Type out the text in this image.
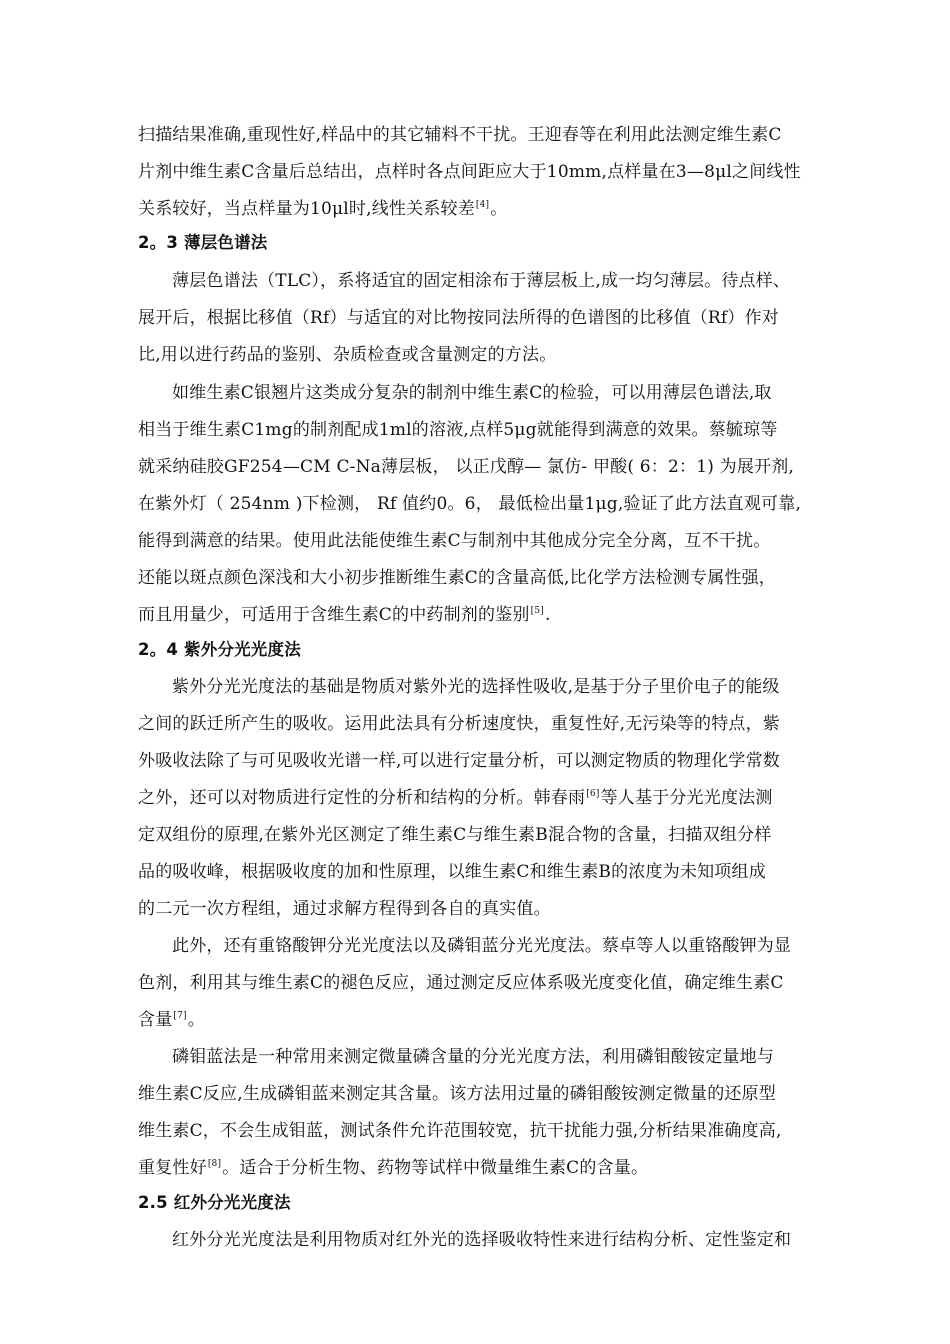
扫描结果准确,重现性好,样品中的其它辅料不干扰。王迎春等在利用此法测定维生素C
片剂中维生素C含量后总结出，点样时各点间距应大于10mm,点样量在3—8μl之间线性
关系较好，当点样量为10μl时,线性关系较差[4]。
2。3 薄层色谱法
薄层色谱法（TLC），系将适宜的固定相涂布于薄层板上,成一均匀薄层。待点样、
展开后，根据比移值（Rf）与适宜的对比物按同法所得的色谱图的比移值（Rf）作对
比,用以进行药品的鉴别、杂质检查或含量测定的方法。
如维生素C银翘片这类成分复杂的制剂中维生素C的检验，可以用薄层色谱法,取
相当于维生素C1mg的制剂配成1ml的溶液,点样5μg就能得到满意的效果。蔡毓琼等
就采纳硅胶GF254—CM C-Na薄层板， 以正戊醇— 氯仿- 甲酸( 6：2：1) 为展开剂,
在紫外灯（ 254nm )下检测， Rf 值约0。6， 最低检出量1μg,验证了此方法直观可靠,
能得到满意的结果。使用此法能使维生素C与制剂中其他成分完全分离，互不干扰。
还能以斑点颜色深浅和大小初步推断维生素C的含量高低,比化学方法检测专属性强，
而且用量少，可适用于含维生素C的中药制剂的鉴别[5].
2。4 紫外分光光度法
紫外分光光度法的基础是物质对紫外光的选择性吸收,是基于分子里价电子的能级
之间的跃迁所产生的吸收。运用此法具有分析速度快，重复性好,无污染等的特点，紫
外吸收法除了与可见吸收光谱一样,可以进行定量分析，可以测定物质的物理化学常数
之外，还可以对物质进行定性的分析和结构的分析。韩春雨[6]等人基于分光光度法测
定双组份的原理,在紫外光区测定了维生素C与维生素B混合物的含量，扫描双组分样
品的吸收峰，根据吸收度的加和性原理，以维生素C和维生素B的浓度为未知项组成
的二元一次方程组，通过求解方程得到各自的真实值。
此外，还有重铬酸钾分光光度法以及磷钼蓝分光光度法。蔡卓等人以重铬酸钾为显
色剂，利用其与维生素C的褪色反应，通过测定反应体系吸光度变化值，确定维生素C
含量[7]。
磷钼蓝法是一种常用来测定微量磷含量的分光光度方法，利用磷钼酸铵定量地与
维生素C反应,生成磷钼蓝来测定其含量。该方法用过量的磷钼酸铵测定微量的还原型
维生素C，不会生成钼蓝，测试条件允许范围较宽，抗干扰能力强,分析结果准确度高,
重复性好[8]。适合于分析生物、药物等试样中微量维生素C的含量。
2.5 红外分光光度法
红外分光光度法是利用物质对红外光的选择吸收特性来进行结构分析、定性鉴定和
